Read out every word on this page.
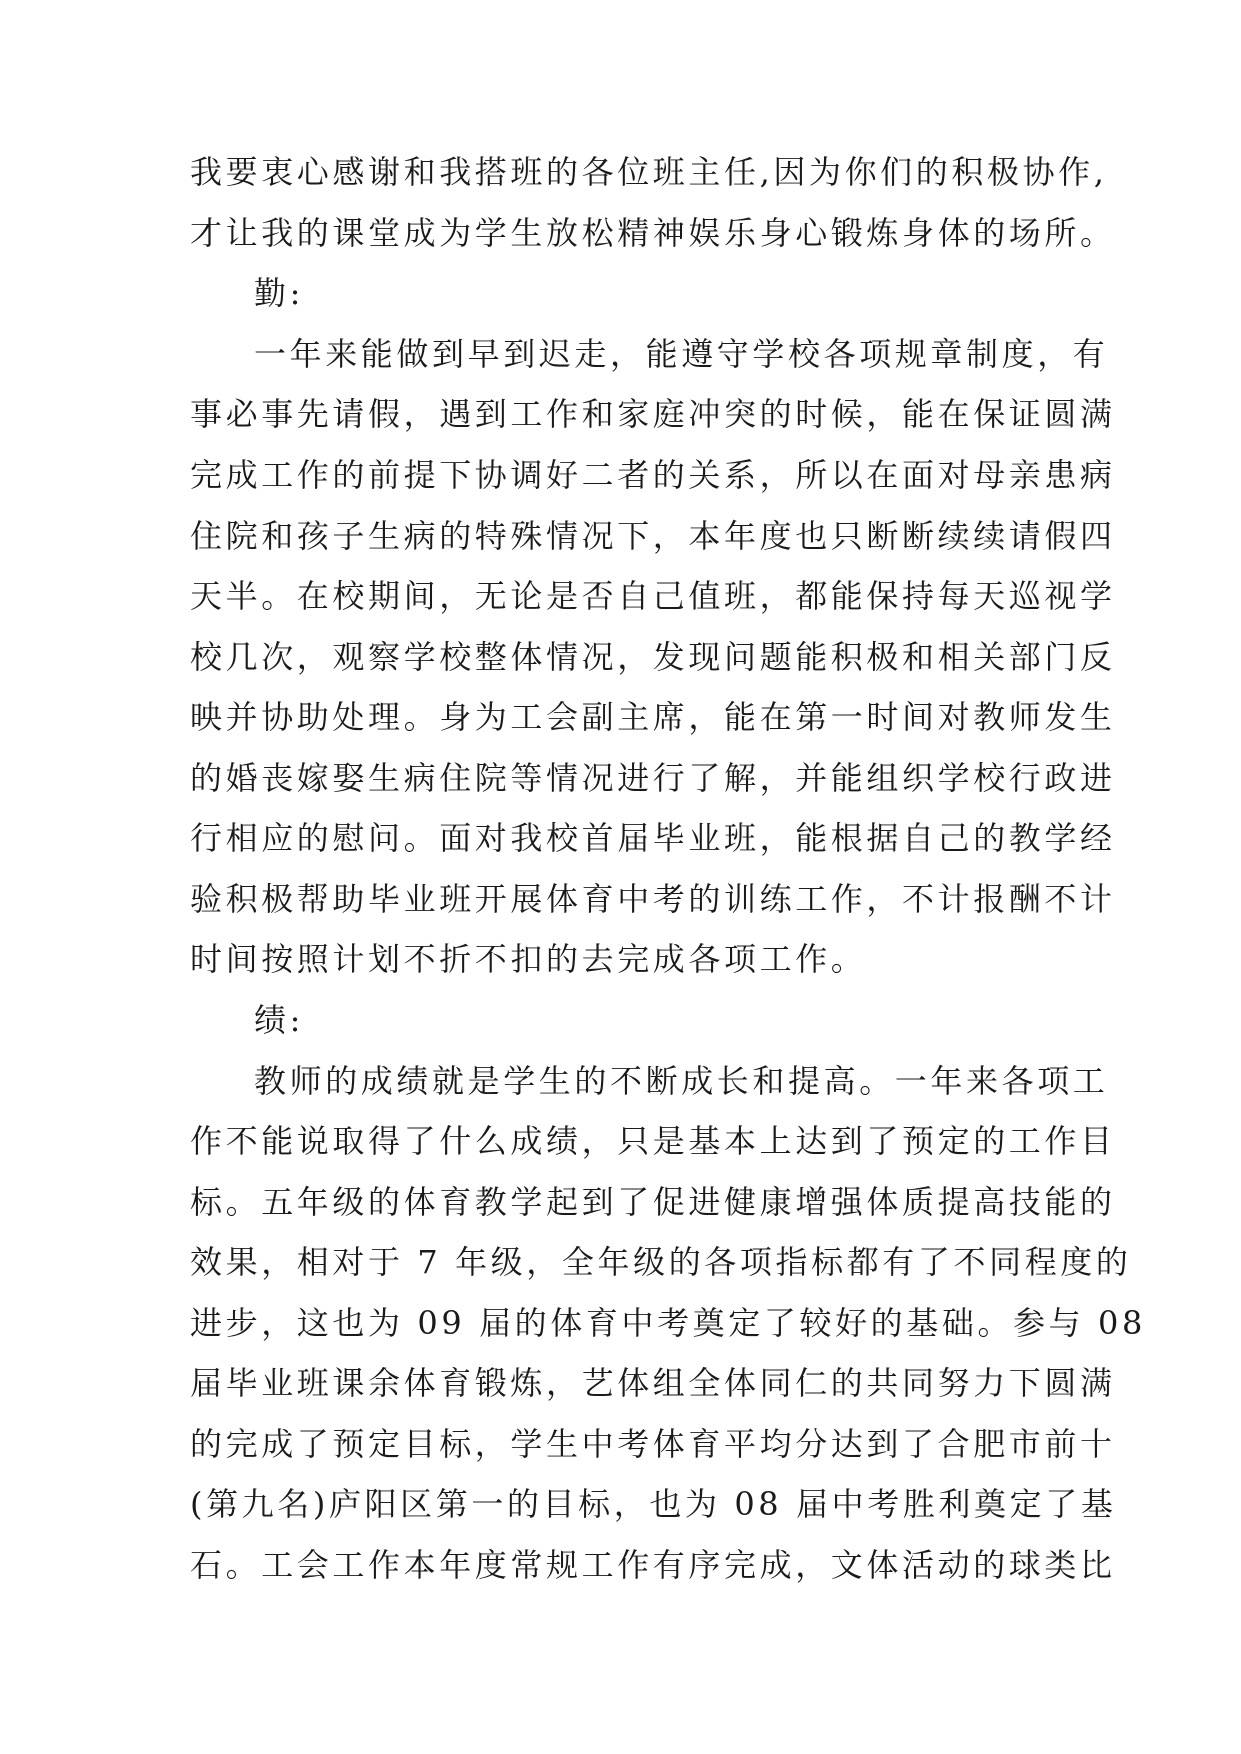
我要衷心感谢和我搭班的各位班主任,因为你们的积极协作,
才让我的课堂成为学生放松精神娱乐身心锻炼身体的场所。
勤:
一年来能做到早到迟走，能遵守学校各项规章制度，有
事必事先请假，遇到工作和家庭冲突的时候，能在保证圆满
完成工作的前提下协调好二者的关系，所以在面对母亲患病
住院和孩子生病的特殊情况下，本年度也只断断续续请假四
天半。在校期间，无论是否自己值班，都能保持每天巡视学
校几次，观察学校整体情况，发现问题能积极和相关部门反
映并协助处理。身为工会副主席，能在第一时间对教师发生
的婚丧嫁娶生病住院等情况进行了解，并能组织学校行政进
行相应的慰问。面对我校首届毕业班，能根据自己的教学经
验积极帮助毕业班开展体育中考的训练工作，不计报酬不计
时间按照计划不折不扣的去完成各项工作。
绩:
教师的成绩就是学生的不断成长和提高。一年来各项工
作不能说取得了什么成绩，只是基本上达到了预定的工作目
标。五年级的体育教学起到了促进健康增强体质提高技能的
效果，相对于 7 年级，全年级的各项指标都有了不同程度的
进步，这也为 09 届的体育中考奠定了较好的基础。参与 08
届毕业班课余体育锻炼，艺体组全体同仁的共同努力下圆满
的完成了预定目标，学生中考体育平均分达到了合肥市前十
(第九名)庐阳区第一的目标，也为 08 届中考胜利奠定了基
石。工会工作本年度常规工作有序完成，文体活动的球类比
